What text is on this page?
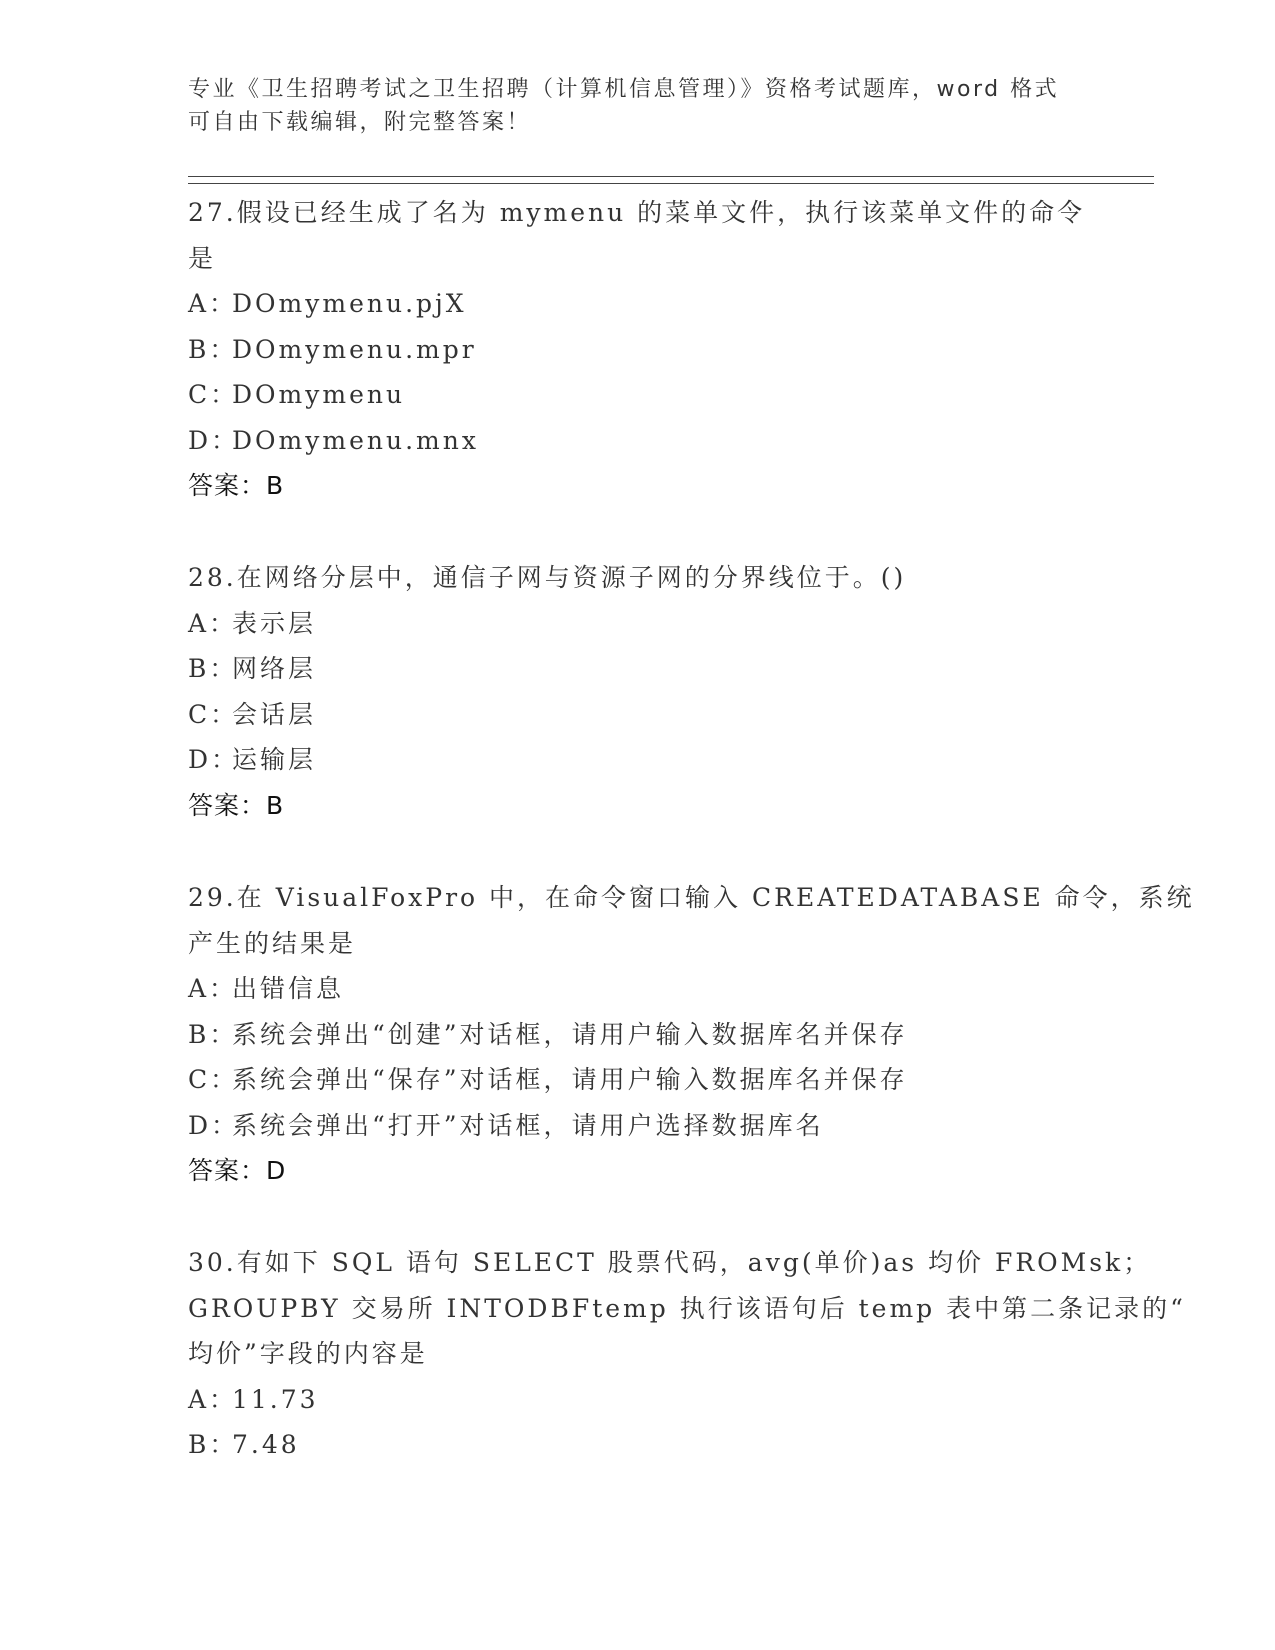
专业《卫生招聘考试之卫生招聘（计算机信息管理）》资格考试题库，word 格式
可自由下载编辑，附完整答案！
27.假设已经生成了名为 mymenu 的菜单文件，执行该菜单文件的命令
是
A：DOmymenu.pjX
B：DOmymenu.mpr
C：DOmymenu
D：DOmymenu.mnx
答案：B
28.在网络分层中，通信子网与资源子网的分界线位于。()
A：表示层
B：网络层
C：会话层
D：运输层
答案：B
29.在 VisualFoxPro 中，在命令窗口输入 CREATEDATABASE 命令，系统
产生的结果是
A：出错信息
B：系统会弹出“创建”对话框，请用户输入数据库名并保存
C：系统会弹出“保存”对话框，请用户输入数据库名并保存
D：系统会弹出“打开”对话框，请用户选择数据库名
答案：D
30.有如下 SQL 语句 SELECT 股票代码，avg(单价)as 均价 FROMsk；
GROUPBY 交易所 INTODBFtemp 执行该语句后 temp 表中第二条记录的“
均价”字段的内容是
A：11.73
B：7.48
